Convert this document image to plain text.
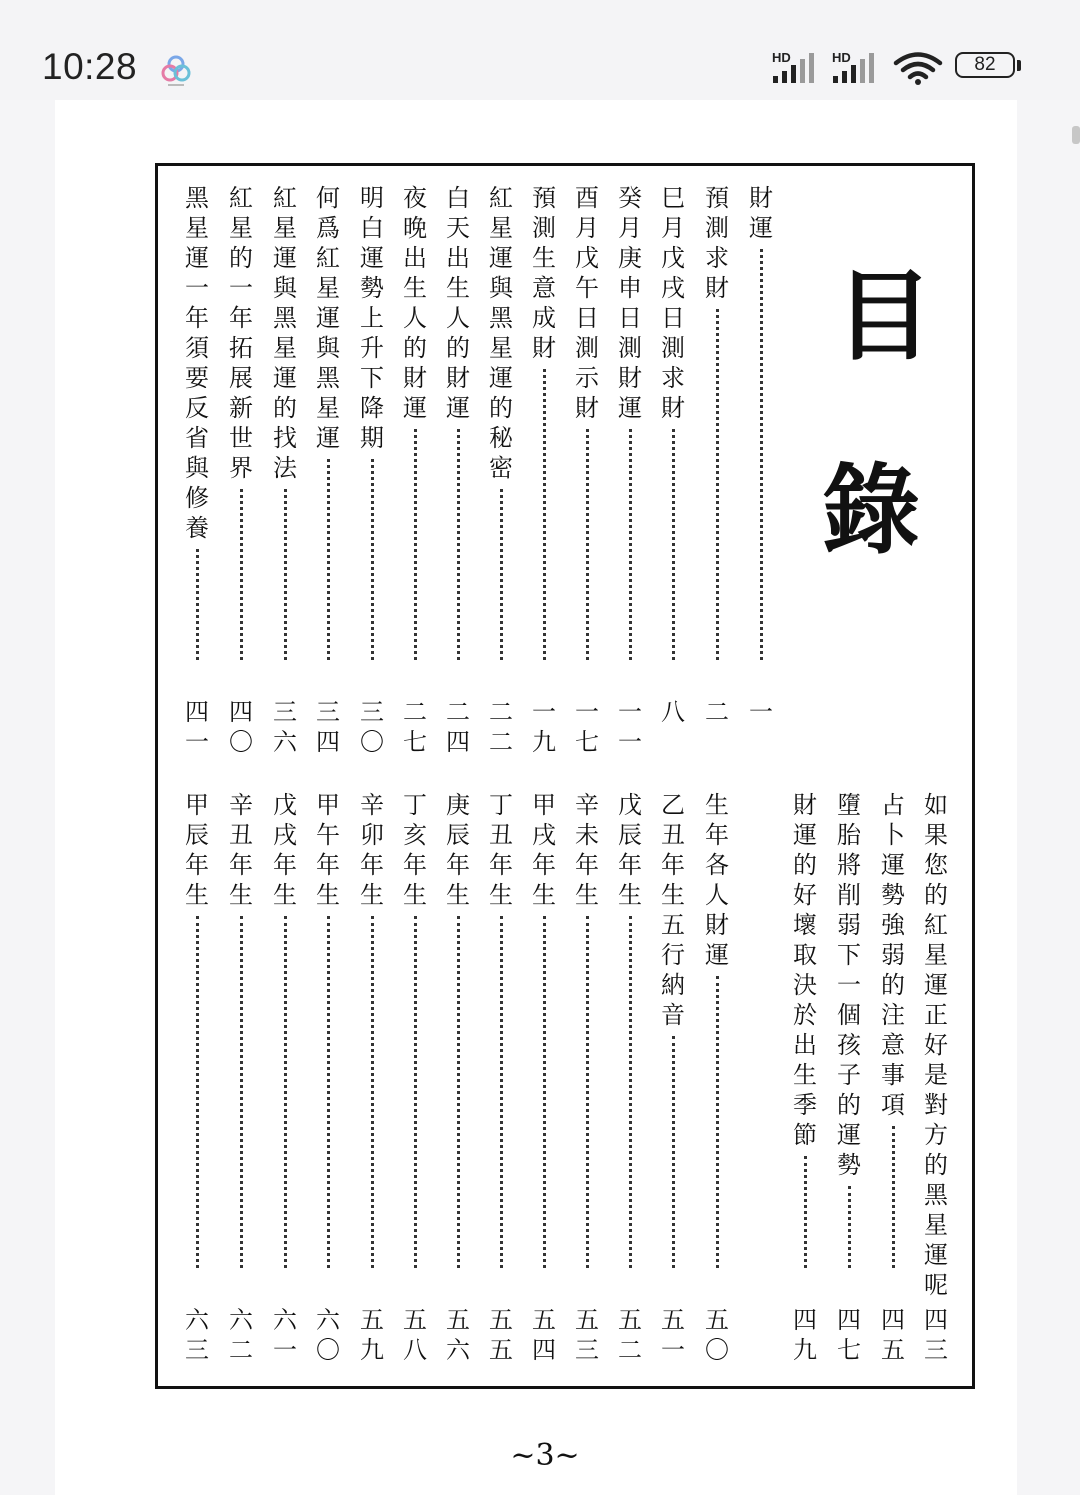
10:28	HD	HD	82
目
錄
財
運
一
預
測
求
財
二
巳
月
戊
戌
日
測
求
財
八
癸
月
庚
申
日
測
財
運
一一
酉
月
戊
午
日
測
示
財
一七
預
測
生
意
成
財
一九
紅
星
運
與
黑
星
運
的
秘
密
二二
白
天
出
生
人
的
財
運
二四
夜
晚
出
生
人
的
財
運
二七
明
白
運
勢
上
升
下
降
期
三〇
何
爲
紅
星
運
與
黑
星
運
三四
紅
星
運
與
黑
星
運
的
找
法
三六
紅
星
的
一
年
拓
展
新
世
界
四〇
黑
星
運
一
年
須
要
反
省
與
修
養
四一
如
果
您
的
紅
星
運
正
好
是
對
方
的
黑
星
運
呢
四三
占
卜
運
勢
強
弱
的
注
意
事
項
四五
墮
胎
將
削
弱
下
一
個
孩
子
的
運
勢
四七
財
運
的
好
壞
取
決
於
出
生
季
節
四九
生
年
各
人
財
運
五〇
乙
丑
年
生
五
行
納
音
五一
戊
辰
年
生
五二
辛
未
年
生
五三
甲
戌
年
生
五四
丁
丑
年
生
五五
庚
辰
年
生
五六
丁
亥
年
生
五八
辛
卯
年
生
五九
甲
午
年
生
六〇
戊
戌
年
生
六一
辛
丑
年
生
六二
甲
辰
年
生
六三
~3~
